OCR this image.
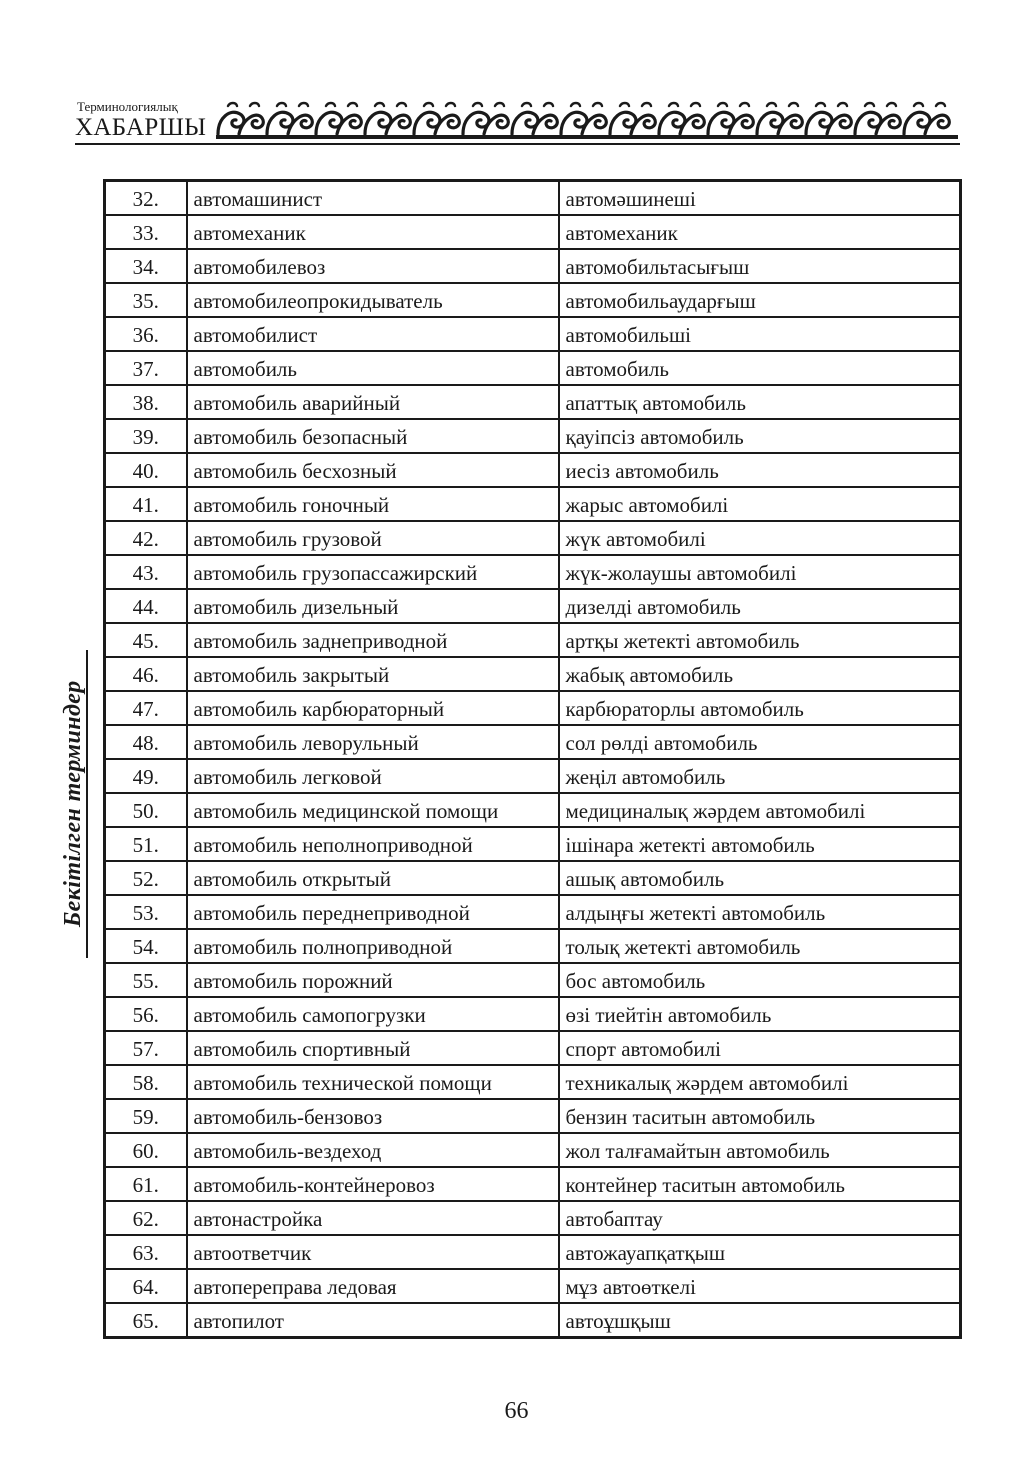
Терминологиялық
ХАБАРШЫ
Бекітілген терминдер
32.	автомашинист	автомәшинеші
33.	автомеханик	автомеханик
34.	автомобилевоз	автомобильтасығыш
35.	автомобилеопрокидыватель	автомобильаударғыш
36.	автомобилист	автомобильші
37.	автомобиль	автомобиль
38.	автомобиль аварийный	апаттық автомобиль
39.	автомобиль безопасный	қауіпсіз автомобиль
40.	автомобиль бесхозный	иесіз автомобиль
41.	автомобиль гоночный	жарыс автомобилі
42.	автомобиль грузовой	жүк автомобилі
43.	автомобиль грузопассажирский	жүк-жолаушы автомобилі
44.	автомобиль дизельный	дизелді автомобиль
45.	автомобиль заднеприводной	артқы жетекті автомобиль
46.	автомобиль закрытый	жабық автомобиль
47.	автомобиль карбюраторный	карбюраторлы автомобиль
48.	автомобиль леворульный	сол рөлді автомобиль
49.	автомобиль легковой	жеңіл автомобиль
50.	автомобиль медицинской помощи	медициналық жәрдем автомобилі
51.	автомобиль неполноприводной	ішінара жетекті автомобиль
52.	автомобиль открытый	ашық автомобиль
53.	автомобиль переднеприводной	алдыңғы жетекті автомобиль
54.	автомобиль полноприводной	толық жетекті автомобиль
55.	автомобиль порожний	бос автомобиль
56.	автомобиль самопогрузки	өзі тиейтін автомобиль
57.	автомобиль спортивный	спорт автомобилі
58.	автомобиль технической помощи	техникалық жәрдем автомобилі
59.	автомобиль-бензовоз	бензин таситын автомобиль
60.	автомобиль-вездеход	жол талғамайтын автомобиль
61.	автомобиль-контейнеровоз	контейнер таситын автомобиль
62.	автонастройка	автобаптау
63.	автоответчик	автожауапқатқыш
64.	автопереправа ледовая	мұз автоөткелі
65.	автопилот	автоұшқыш
66
